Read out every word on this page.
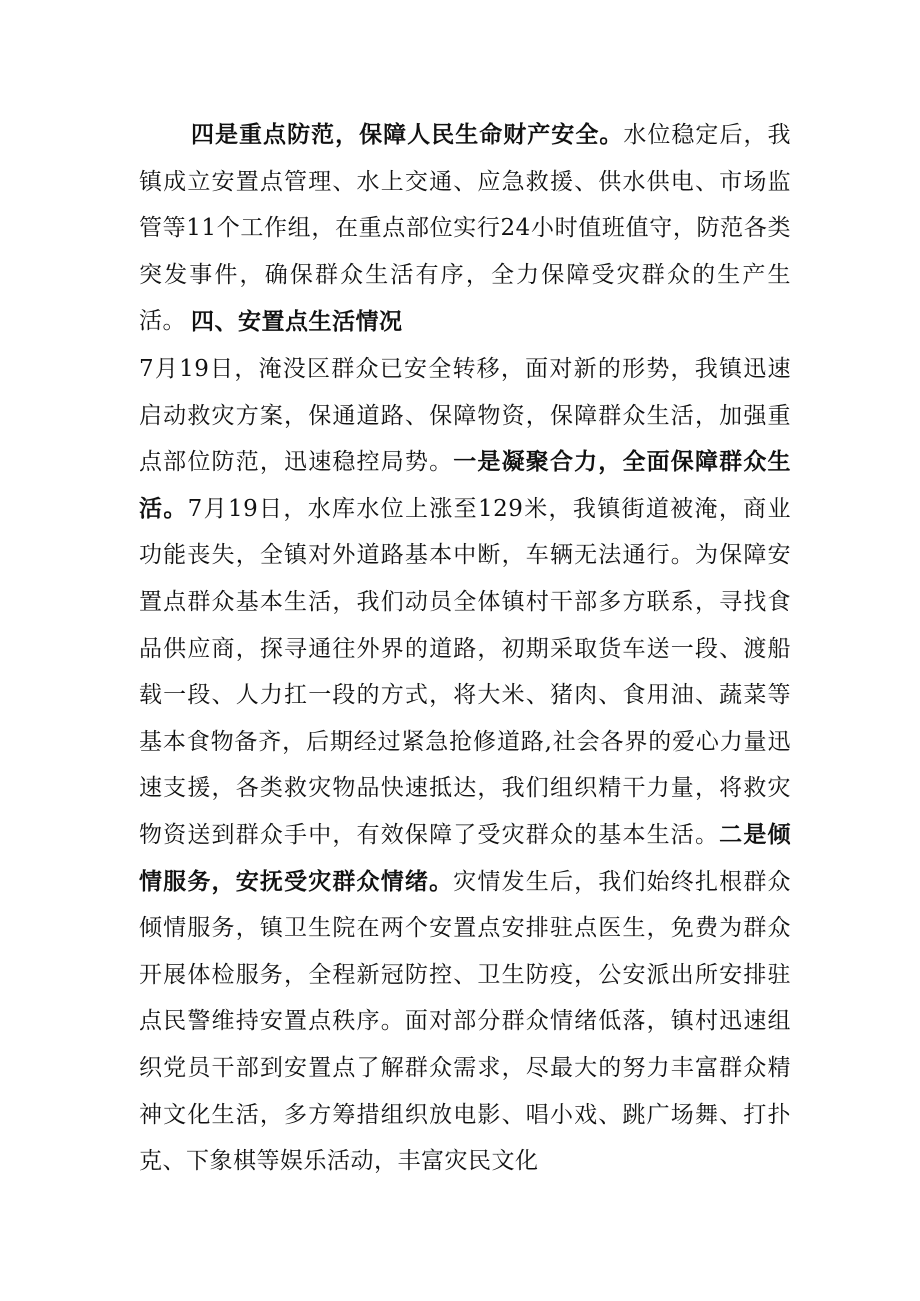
四是重点防范，保障人民生命财产安全。水位稳定后，我镇成立安置点管理、水上交通、应急救援、供水供电、市场监管等11个工作组，在重点部位实行24小时值班值守，防范各类突发事件，确保群众生活有序，全力保障受灾群众的生产生活。 四、安置点生活情况

7月19日，淹没区群众已安全转移，面对新的形势，我镇迅速启动救灾方案，保通道路、保障物资，保障群众生活，加强重点部位防范，迅速稳控局势。一是凝聚合力，全面保障群众生活。7月19日，水库水位上涨至129米，我镇街道被淹，商业功能丧失，全镇对外道路基本中断，车辆无法通行。为保障安置点群众基本生活，我们动员全体镇村干部多方联系，寻找食品供应商，探寻通往外界的道路，初期采取货车送一段、渡船载一段、人力扛一段的方式，将大米、猪肉、食用油、蔬菜等基本食物备齐，后期经过紧急抢修道路,社会各界的爱心力量迅速支援，各类救灾物品快速抵达，我们组织精干力量，将救灾物资送到群众手中，有效保障了受灾群众的基本生活。二是倾情服务，安抚受灾群众情绪。灾情发生后，我们始终扎根群众倾情服务，镇卫生院在两个安置点安排驻点医生，免费为群众开展体检服务，全程新冠防控、卫生防疫，公安派出所安排驻点民警维持安置点秩序。面对部分群众情绪低落，镇村迅速组织党员干部到安置点了解群众需求，尽最大的努力丰富群众精神文化生活，多方筹措组织放电影、唱小戏、跳广场舞、打扑克、下象棋等娱乐活动，丰富灾民文化
